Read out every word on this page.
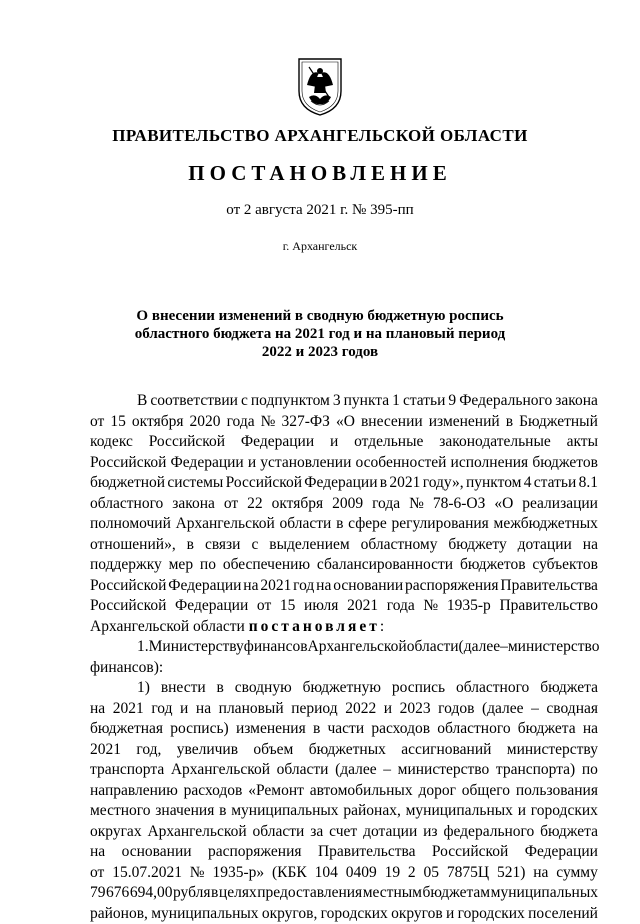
ПРАВИТЕЛЬСТВО АРХАНГЕЛЬСКОЙ ОБЛАСТИ
ПОСТАНОВЛЕНИЕ
от 2 августа 2021 г. № 395-пп
г. Архангельск
О внесении изменений в сводную бюджетную роспись
областного бюджета на 2021 год и на плановый период
2022 и 2023 годов
В соответствии с подпунктом 3 пункта 1 статьи 9 Федерального закона
от 15 октября 2020 года № 327-ФЗ «О внесении изменений в Бюджетный
кодекс Российской Федерации и отдельные законодательные акты
Российской Федерации и установлении особенностей исполнения бюджетов
бюджетной системы Российской Федерации в 2021 году», пунктом 4 статьи 8.1
областного закона от 22 октября 2009 года № 78-6-ОЗ «О реализации
полномочий Архангельской области в сфере регулирования межбюджетных
отношений», в связи с выделением областному бюджету дотации на
поддержку мер по обеспечению сбалансированности бюджетов субъектов
Российской Федерации на 2021 год на основании распоряжения Правительства
Российской Федерации от 15 июля 2021 года № 1935-р Правительство
Архангельской области постановляет:
1. Министерству финансов Архангельской области (далее – министерство
финансов):
1) внести в сводную бюджетную роспись областного бюджета
на 2021 год и на плановый период 2022 и 2023 годов (далее – сводная
бюджетная роспись) изменения в части расходов областного бюджета на
2021 год, увеличив объем бюджетных ассигнований министерству
транспорта Архангельской области (далее – министерство транспорта) по
направлению расходов «Ремонт автомобильных дорог общего пользования
местного значения в муниципальных районах, муниципальных и городских
округах Архангельской области за счет дотации из федерального бюджета
на основании распоряжения Правительства Российской Федерации
от 15.07.2021 № 1935-р» (КБК 104 0409 19 2 05 7875Ц 521) на сумму
79 676 694,00 рубля в целях предоставления местным бюджетам муниципальных
районов, муниципальных округов, городских округов и городских поселений
